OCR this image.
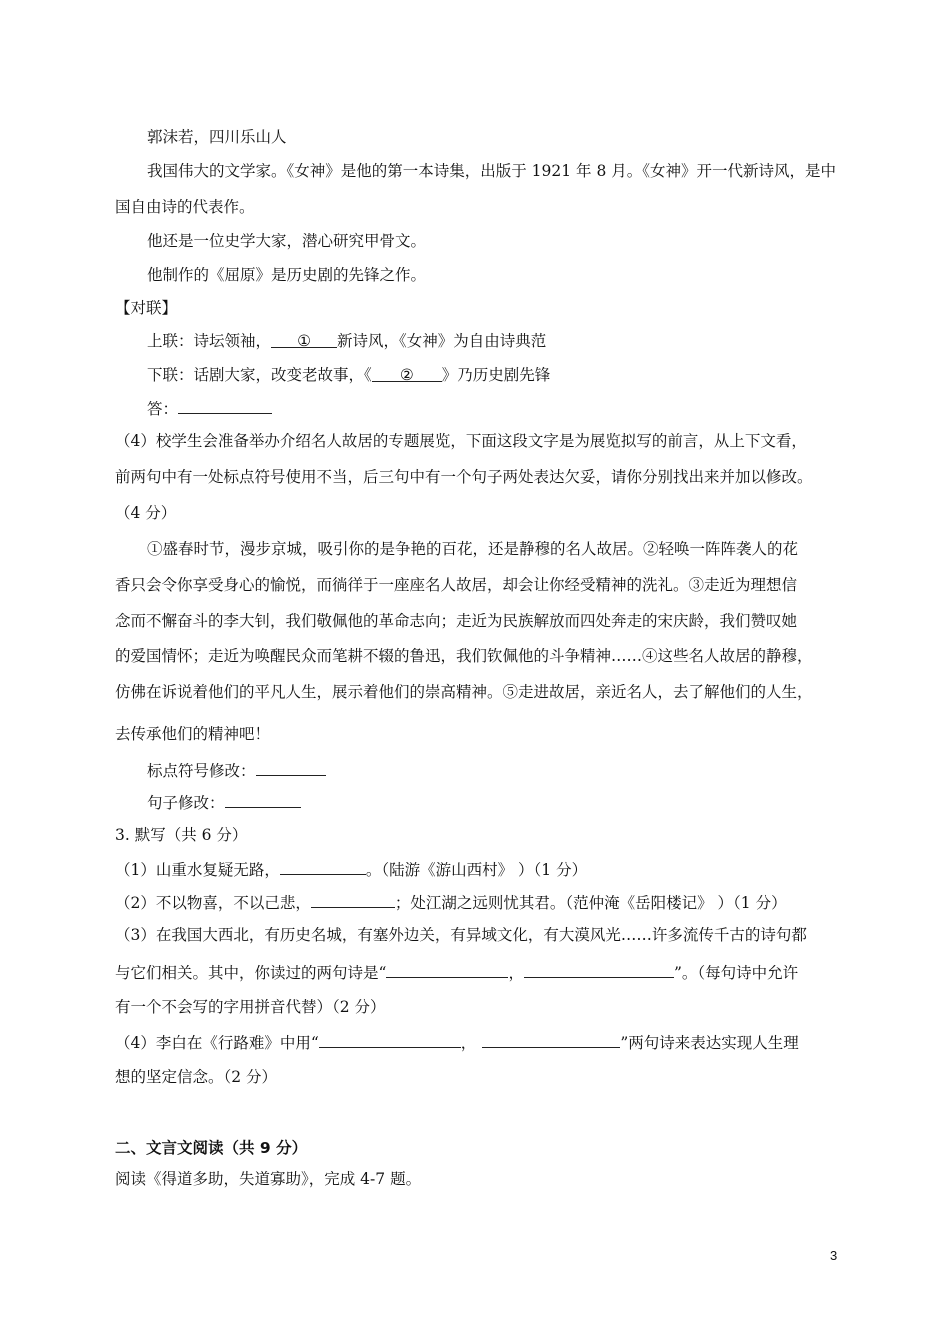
郭沫若，四川乐山人
我国伟大的文学家。《女神》是他的第一本诗集，出版于 1921 年 8 月。《女神》开一代新诗风，是中
国自由诗的代表作。
他还是一位史学大家，潜心研究甲骨文。
他制作的《屈原》是历史剧的先锋之作。
【对联】
上联：诗坛领袖， ① 新诗风，《女神》为自由诗典范
下联：话剧大家，改变老故事，《 ② 》乃历史剧先锋
答：
（4）校学生会准备举办介绍名人故居的专题展览，下面这段文字是为展览拟写的前言，从上下文看，
前两句中有一处标点符号使用不当，后三句中有一个句子两处表达欠妥，请你分别找出来并加以修改。
（4 分）
①盛春时节，漫步京城，吸引你的是争艳的百花，还是静穆的名人故居。②轻唤一阵阵袭人的花
香只会令你享受身心的愉悦，而徜徉于一座座名人故居，却会让你经受精神的洗礼。③走近为理想信
念而不懈奋斗的李大钊，我们敬佩他的革命志向；走近为民族解放而四处奔走的宋庆龄，我们赞叹她
的爱国情怀；走近为唤醒民众而笔耕不辍的鲁迅，我们钦佩他的斗争精神……④这些名人故居的静穆，
仿佛在诉说着他们的平凡人生，展示着他们的崇高精神。⑤走进故居，亲近名人，去了解他们的人生，
去传承他们的精神吧！
标点符号修改：
句子修改：
3. 默写（共 6 分）
（1）山重水复疑无路，	。（陆游《游山西村》 ）（1 分）
（2）不以物喜，不以己悲，	；处江湖之远则忧其君。（范仲淹《岳阳楼记》 ）（1 分）
（3）在我国大西北，有历史名城，有塞外边关，有异域文化，有大漠风光……许多流传千古的诗句都
与它们相关。其中，你读过的两句诗是“	，	”。（每句诗中允许
有一个不会写的字用拼音代替）（2 分）
（4）李白在《行路难》中用“	，	”两句诗来表达实现人生理
想的坚定信念。（2 分）
二、文言文阅读（共 9 分）
阅读《得道多助，失道寡助》，完成 4-7 题。
3
